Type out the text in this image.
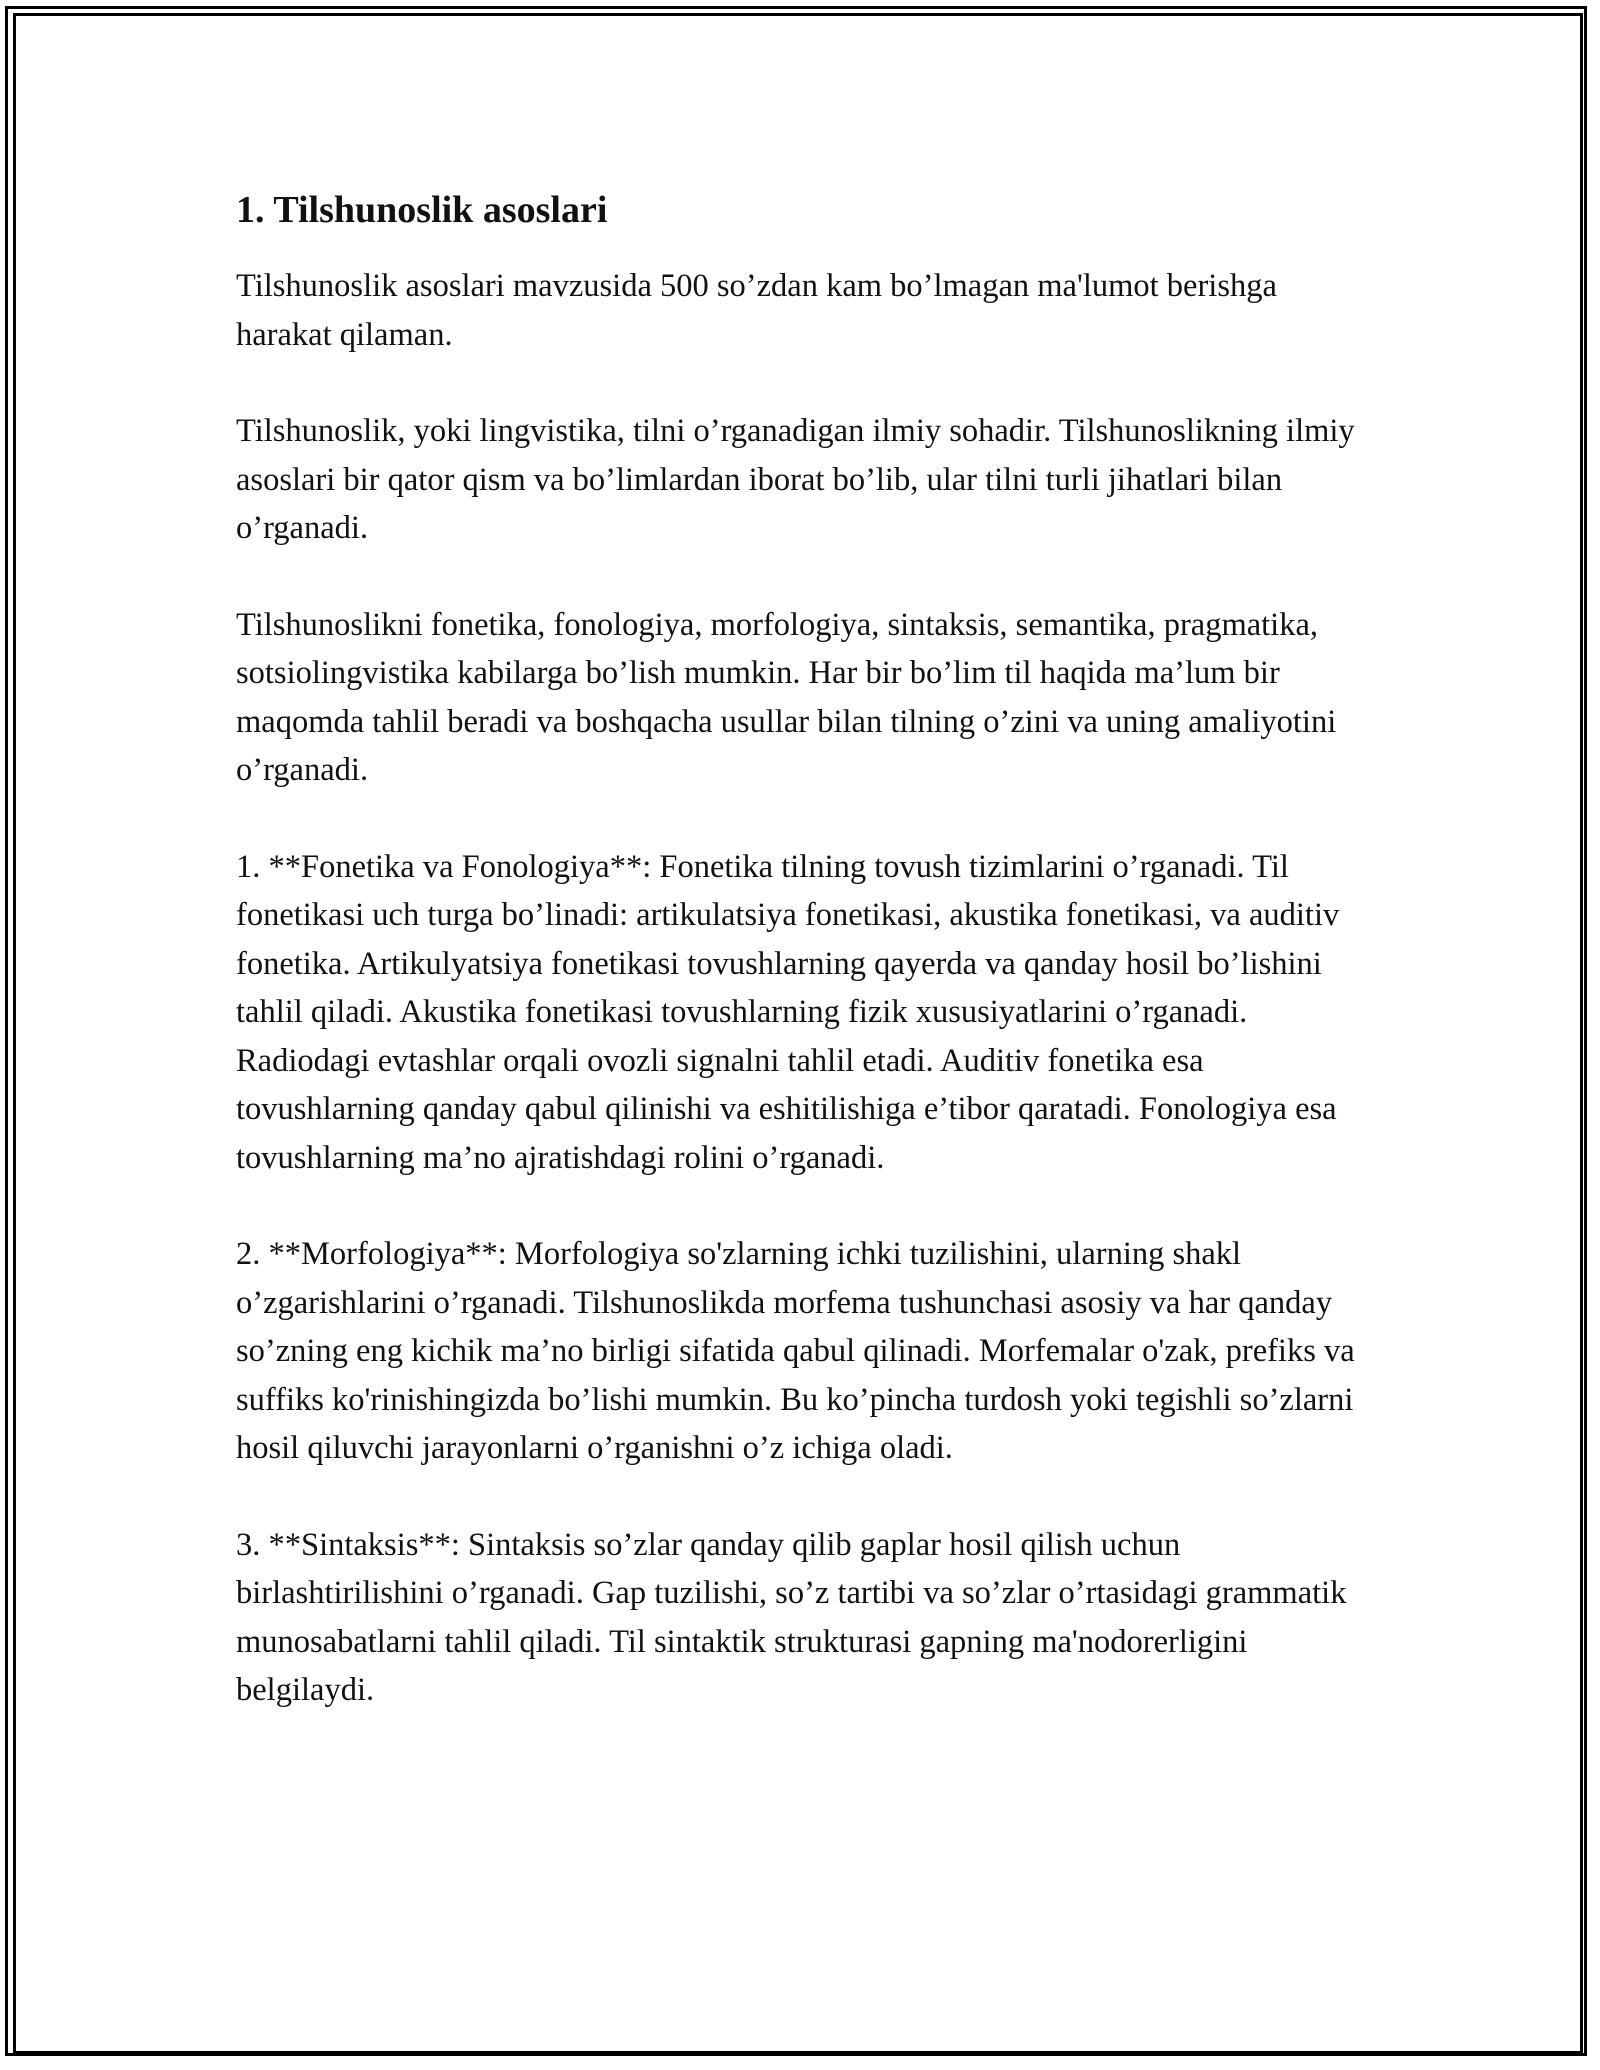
1. Tilshunoslik asoslari

Tilshunoslik asoslari mavzusida 500 so’zdan kam bo’lmagan ma'lumot berishga harakat qilaman.

Tilshunoslik, yoki lingvistika, tilni o’rganadigan ilmiy sohadir. Tilshunoslikning ilmiy asoslari bir qator qism va bo’limlardan iborat bo’lib, ular tilni turli jihatlari bilan o’rganadi.

Tilshunoslikni fonetika, fonologiya, morfologiya, sintaksis, semantika, pragmatika, sotsiolingvistika kabilarga bo’lish mumkin. Har bir bo’lim til haqida ma’lum bir maqomda tahlil beradi va boshqacha usullar bilan tilning o’zini va uning amaliyotini o’rganadi.

1. **Fonetika va Fonologiya**: Fonetika tilning tovush tizimlarini o’rganadi. Til fonetikasi uch turga bo’linadi: artikulatsiya fonetikasi, akustika fonetikasi, va auditiv fonetika. Artikulyatsiya fonetikasi tovushlarning qayerda va qanday hosil bo’lishini tahlil qiladi. Akustika fonetikasi tovushlarning fizik xususiyatlarini o’rganadi. Radiodagi evtashlar orqali ovozli signalni tahlil etadi. Auditiv fonetika esa tovushlarning qanday qabul qilinishi va eshitilishiga e’tibor qaratadi. Fonologiya esa tovushlarning ma’no ajratishdagi rolini o’rganadi.

2. **Morfologiya**: Morfologiya so'zlarning ichki tuzilishini, ularning shakl o’zgarishlarini o’rganadi. Tilshunoslikda morfema tushunchasi asosiy va har qanday so’zning eng kichik ma’no birligi sifatida qabul qilinadi. Morfemalar o'zak, prefiks va suffiks ko'rinishingizda bo’lishi mumkin. Bu ko’pincha turdosh yoki tegishli so’zlarni hosil qiluvchi jarayonlarni o’rganishni o’z ichiga oladi.

3. **Sintaksis**: Sintaksis so’zlar qanday qilib gaplar hosil qilish uchun birlashtirilishini o’rganadi. Gap tuzilishi, so’z tartibi va so’zlar o’rtasidagi grammatik munosabatlarni tahlil qiladi. Til sintaktik strukturasi gapning ma'nodorerligini belgilaydi.
